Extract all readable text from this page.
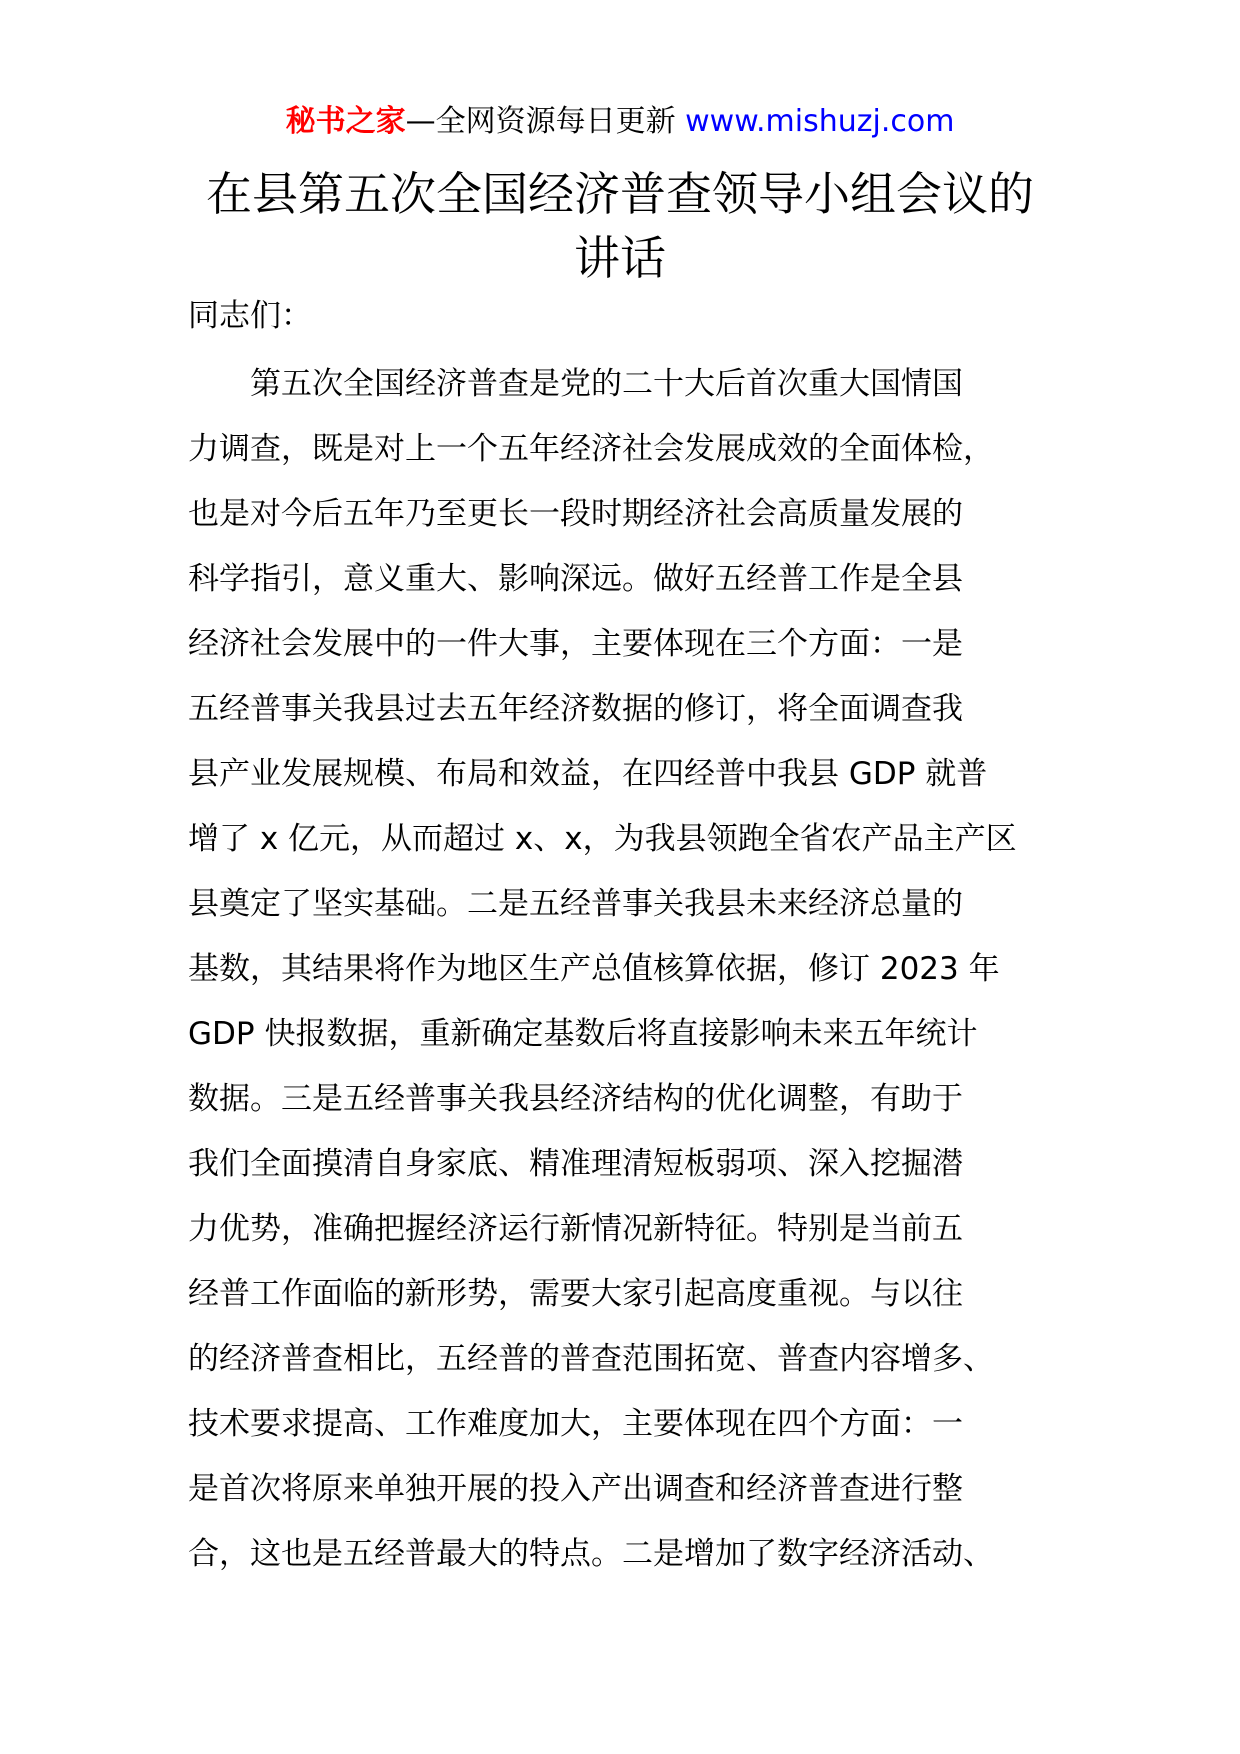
秘书之家—全网资源每日更新 www.mishuzj.com
在县第五次全国经济普查领导小组会议的
讲话

同志们：

　　第五次全国经济普查是党的二十大后首次重大国情国
力调查，既是对上一个五年经济社会发展成效的全面体检，
也是对今后五年乃至更长一段时期经济社会高质量发展的
科学指引，意义重大、影响深远。做好五经普工作是全县
经济社会发展中的一件大事，主要体现在三个方面：一是
五经普事关我县过去五年经济数据的修订，将全面调查我
县产业发展规模、布局和效益，在四经普中我县 GDP 就普
增了 x 亿元，从而超过 x、x，为我县领跑全省农产品主产区
县奠定了坚实基础。二是五经普事关我县未来经济总量的
基数，其结果将作为地区生产总值核算依据，修订 2023 年
GDP 快报数据，重新确定基数后将直接影响未来五年统计
数据。三是五经普事关我县经济结构的优化调整，有助于
我们全面摸清自身家底、精准理清短板弱项、深入挖掘潜
力优势，准确把握经济运行新情况新特征。特别是当前五
经普工作面临的新形势，需要大家引起高度重视。与以往
的经济普查相比，五经普的普查范围拓宽、普查内容增多、
技术要求提高、工作难度加大，主要体现在四个方面：一
是首次将原来单独开展的投入产出调查和经济普查进行整
合，这也是五经普最大的特点。二是增加了数字经济活动、
